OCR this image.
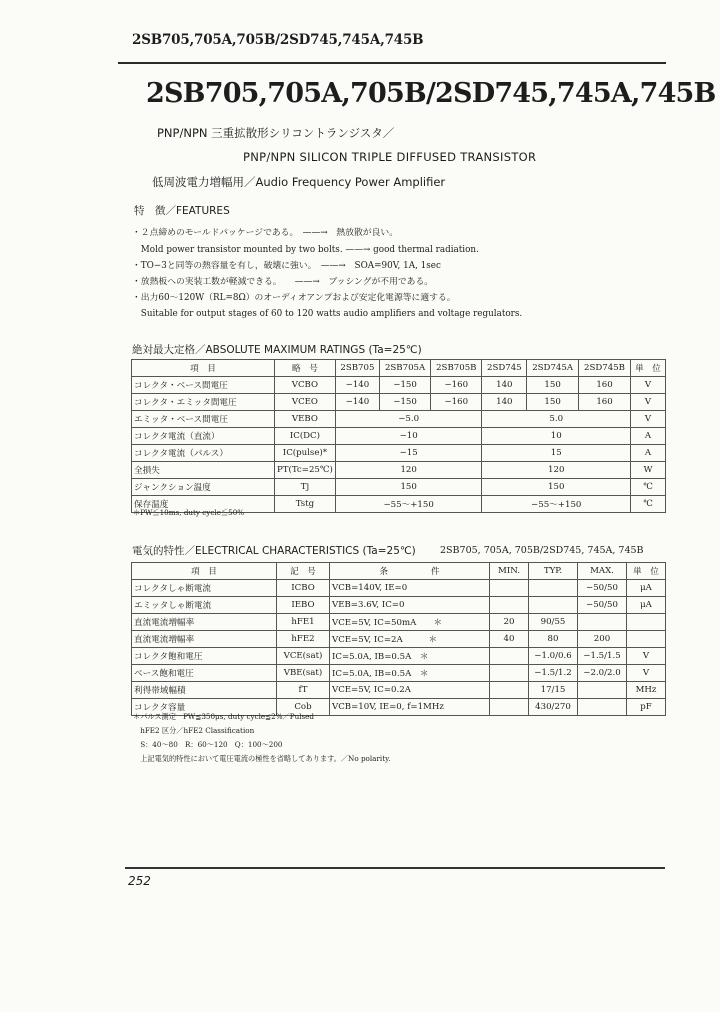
2SB705,705A,705B/2SD745,745A,745B
2SB705,705A,705B/2SD745,745A,745B
PNP/NPN 三重拡散形シリコントランジスタ／
PNP/NPN SILICON TRIPLE DIFFUSED TRANSISTOR
低周波電力増幅用／Audio Frequency Power Amplifier
特　徴／FEATURES
・２点締めのモールドパッケージである。　——→　熱放散が良い。
　Mold power transistor mounted by two bolts. ——→ good thermal radiation.
・TO−3と同等の熱容量を有し，破壊に強い。　——→　SOA=90V, 1A, 1sec
・放熱板への実装工数が軽減できる。　　——→　ブッシングが不用である。
・出力60〜120W（RL=8Ω）のオーディオアンプおよび安定化電源等に適する。
　Suitable for output stages of 60 to 120 watts audio amplifiers and voltage regulators.
絶対最大定格／ABSOLUTE MAXIMUM RATINGS (Ta=25℃)
項　目	略　号	2SB705	2SB705A	2SB705B	2SD745	2SD745A	2SD745B	単　位
コレクタ・ベース間電圧	VCBO	−140	−150	−160	140	150	160	V
コレクタ・エミッタ間電圧	VCEO	−140	−150	−160	140	150	160	V
エミッタ・ベース間電圧	VEBO	−5.0			5.0			V
コレクタ電流（直流）	IC(DC)	−10			10			A
コレクタ電流（パルス）	IC(pulse)*	−15			15			A
全損失	PT(Tc=25℃)	120			120			W
ジャンクション温度	Tj	150			150			℃
保存温度	Tstg	−55〜+150			−55〜+150			℃
＊PW≦10ms, duty cycle≦50%
電気的特性／ELECTRICAL CHARACTERISTICS (Ta=25℃)	2SB705, 705A, 705B/2SD745, 745A, 745B
項　目	記　号	条　　　　　件	MIN.	TYP.	MAX.	単　位
コレクタしゃ断電流	ICBO	VCB=140V, IE=0			−50/50	μA
エミッタしゃ断電流	IEBO	VEB=3.6V, IC=0			−50/50	μA
直流電流増幅率	hFE1	VCE=5V, IC=50mA　　＊	20	90/55		
直流電流増幅率	hFE2	VCE=5V, IC=2A　　　＊	40	80	200	
コレクタ飽和電圧	VCE(sat)	IC=5.0A, IB=0.5A　＊		−1.0/0.6	−1.5/1.5	V
ベース飽和電圧	VBE(sat)	IC=5.0A, IB=0.5A　＊		−1.5/1.2	−2.0/2.0	V
利得帯域幅積	fT	VCE=5V, IC=0.2A		17/15		MHz
コレクタ容量	Cob	VCB=10V, IE=0, f=1MHz		430/270		pF
＊パルス測定　PW≦350μs, duty cycle≦2%／Pulsed
　hFE2 区分／hFE2 Classification
　S：40〜80　R：60〜120　Q：100〜200
　上記電気的特性において電圧電流の極性を省略してあります。／No polarity.
252
